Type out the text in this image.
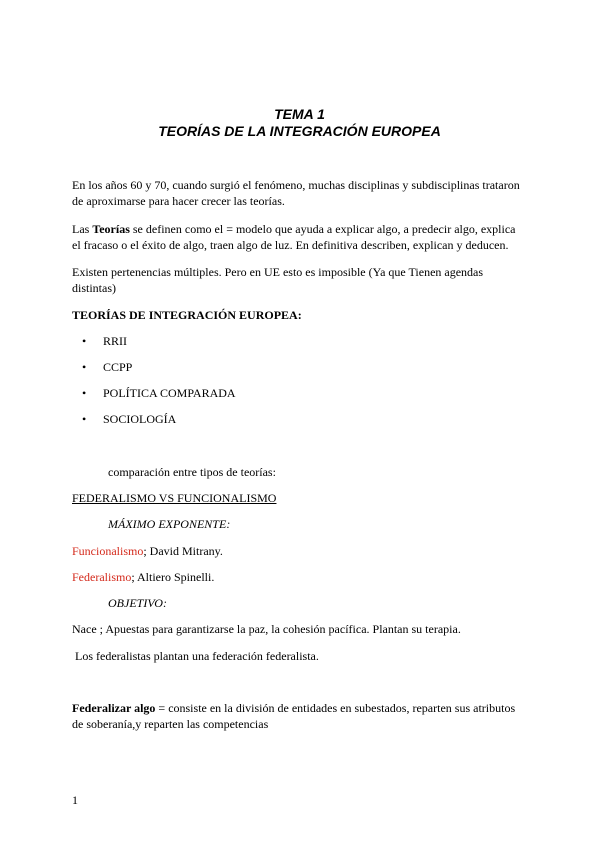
TEMA 1
TEORÍAS DE LA INTEGRACIÓN EUROPEA
En los años 60 y 70, cuando surgió el fenómeno, muchas disciplinas y subdisciplinas trataron
de aproximarse para hacer crecer las teorías.
Las Teorías se definen como el = modelo que ayuda a explicar algo, a predecir algo, explica
el fracaso o el éxito de algo, traen algo de luz. En definitiva describen, explican y deducen.
Existen pertenencias múltiples. Pero en UE esto es imposible (Ya que Tienen agendas
distintas)
TEORÍAS DE INTEGRACIÓN EUROPEA:
• RRII
• CCPP
• POLÍTICA COMPARADA
• SOCIOLOGÍA
comparación entre tipos de teorías:
FEDERALISMO VS FUNCIONALISMO
MÁXIMO EXPONENTE:
Funcionalismo; David Mitrany.
Federalismo; Altiero Spinelli.
OBJETIVO:
Nace ; Apuestas para garantizarse la paz, la cohesión pacífica. Plantan su terapia.
Los federalistas plantan una federación federalista.
Federalizar algo = consiste en la división de entidades en subestados, reparten sus atributos
de soberanía,y reparten las competencias
1
